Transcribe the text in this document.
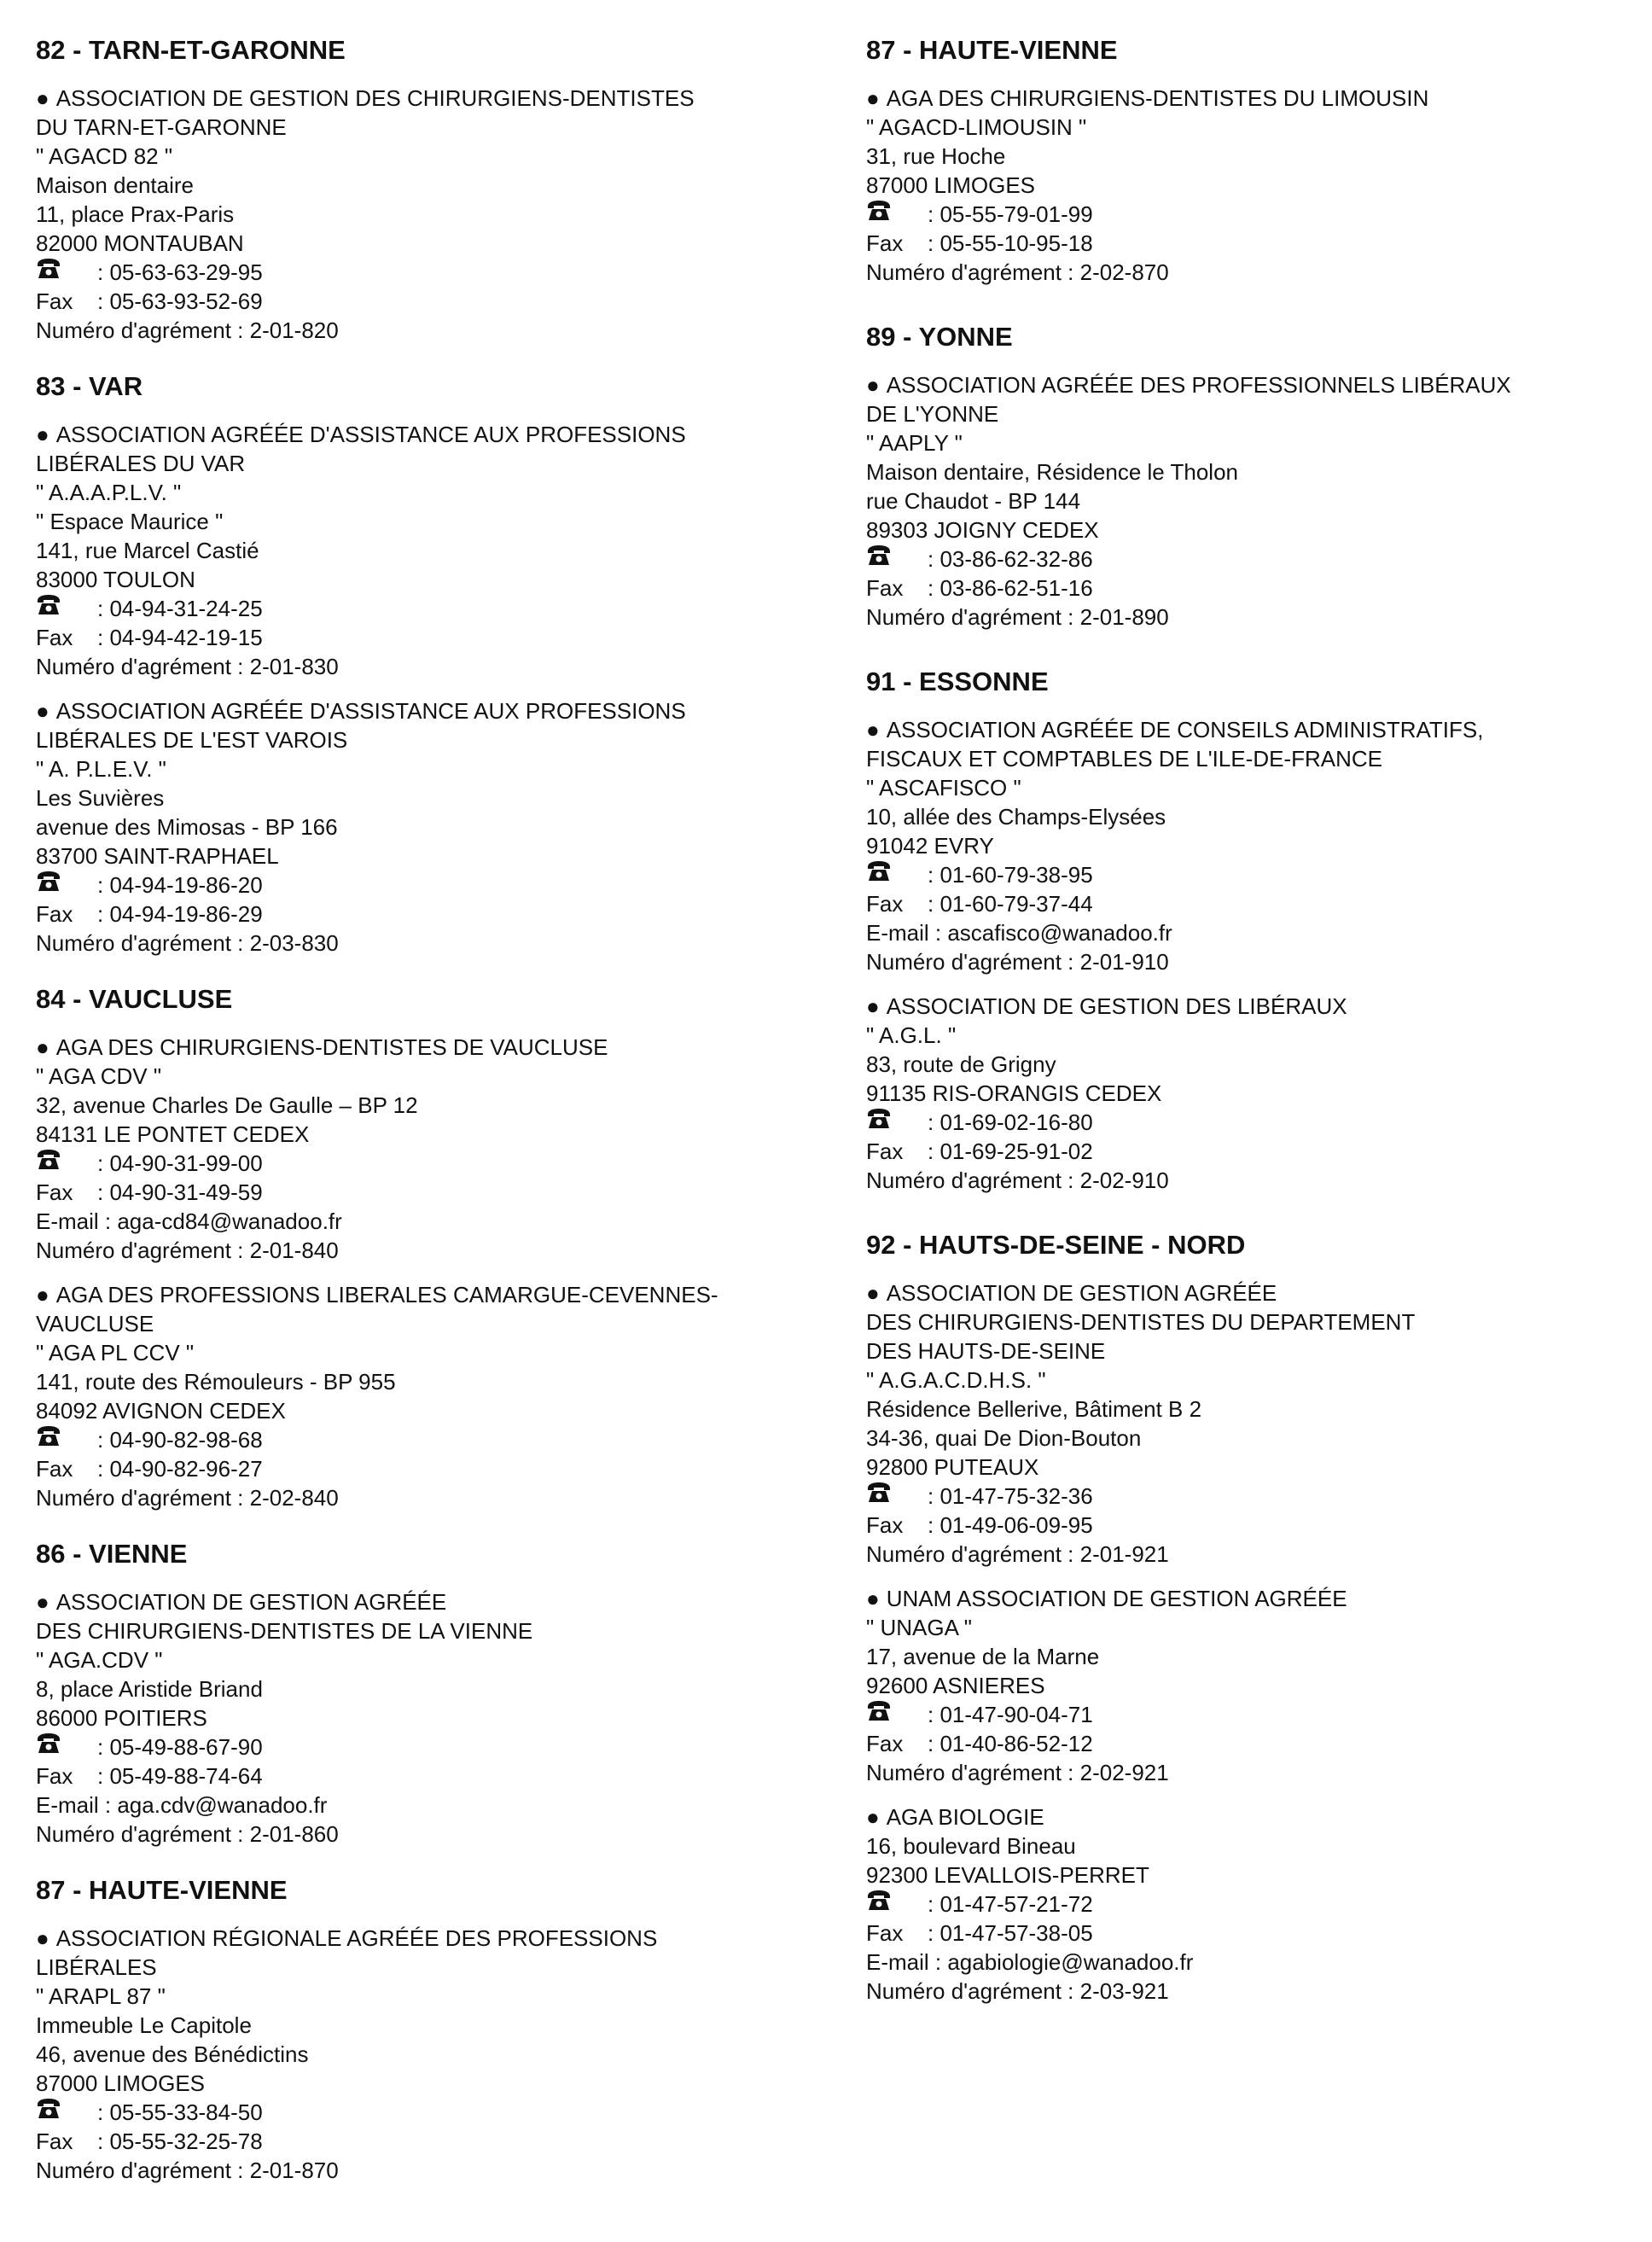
82 - TARN-ET-GARONNE
● ASSOCIATION DE GESTION DES CHIRURGIENS-DENTISTES
DU TARN-ET-GARONNE
" AGACD 82 "
Maison dentaire
11, place Prax-Paris
82000 MONTAUBAN
: 05-63-63-29-95
Fax : 05-63-93-52-69
Numéro d'agrément : 2-01-820
83 - VAR
● ASSOCIATION AGRÉÉE D'ASSISTANCE AUX PROFESSIONS
LIBÉRALES DU VAR
" A.A.A.P.L.V. "
" Espace Maurice "
141, rue Marcel Castié
83000 TOULON
: 04-94-31-24-25
Fax : 04-94-42-19-15
Numéro d'agrément : 2-01-830
● ASSOCIATION AGRÉÉE D'ASSISTANCE AUX PROFESSIONS
LIBÉRALES DE L'EST VAROIS
" A. P.L.E.V. "
Les Suvières
avenue des Mimosas - BP 166
83700 SAINT-RAPHAEL
: 04-94-19-86-20
Fax : 04-94-19-86-29
Numéro d'agrément : 2-03-830
84 - VAUCLUSE
● AGA DES CHIRURGIENS-DENTISTES DE VAUCLUSE
" AGA CDV "
32, avenue Charles De Gaulle – BP 12
84131 LE PONTET CEDEX
: 04-90-31-99-00
Fax : 04-90-31-49-59
E-mail : aga-cd84@wanadoo.fr
Numéro d'agrément : 2-01-840
● AGA DES PROFESSIONS LIBERALES CAMARGUE-CEVENNES-
VAUCLUSE
" AGA PL CCV "
141, route des Rémouleurs - BP 955
84092 AVIGNON CEDEX
: 04-90-82-98-68
Fax : 04-90-82-96-27
Numéro d'agrément : 2-02-840
86 - VIENNE
● ASSOCIATION DE GESTION AGRÉÉE
DES CHIRURGIENS-DENTISTES DE LA VIENNE
" AGA.CDV "
8, place Aristide Briand
86000 POITIERS
: 05-49-88-67-90
Fax : 05-49-88-74-64
E-mail : aga.cdv@wanadoo.fr
Numéro d'agrément : 2-01-860
87 - HAUTE-VIENNE
● ASSOCIATION RÉGIONALE AGRÉÉE DES PROFESSIONS
LIBÉRALES
" ARAPL 87 "
Immeuble Le Capitole
46, avenue des Bénédictins
87000 LIMOGES
: 05-55-33-84-50
Fax : 05-55-32-25-78
Numéro d'agrément : 2-01-870
87 - HAUTE-VIENNE
● AGA DES CHIRURGIENS-DENTISTES DU LIMOUSIN
" AGACD-LIMOUSIN "
31, rue Hoche
87000 LIMOGES
: 05-55-79-01-99
Fax : 05-55-10-95-18
Numéro d'agrément : 2-02-870
89 - YONNE
● ASSOCIATION AGRÉÉE DES PROFESSIONNELS LIBÉRAUX
DE L'YONNE
" AAPLY "
Maison dentaire, Résidence le Tholon
rue Chaudot - BP 144
89303 JOIGNY CEDEX
: 03-86-62-32-86
Fax : 03-86-62-51-16
Numéro d'agrément : 2-01-890
91 - ESSONNE
● ASSOCIATION AGRÉÉE DE CONSEILS ADMINISTRATIFS,
FISCAUX ET COMPTABLES DE L'ILE-DE-FRANCE
" ASCAFISCO "
10, allée des Champs-Elysées
91042 EVRY
: 01-60-79-38-95
Fax : 01-60-79-37-44
E-mail : ascafisco@wanadoo.fr
Numéro d'agrément : 2-01-910
● ASSOCIATION DE GESTION DES LIBÉRAUX
" A.G.L. "
83, route de Grigny
91135 RIS-ORANGIS CEDEX
: 01-69-02-16-80
Fax : 01-69-25-91-02
Numéro d'agrément : 2-02-910
92 - HAUTS-DE-SEINE - NORD
● ASSOCIATION DE GESTION AGRÉÉE
DES CHIRURGIENS-DENTISTES DU DEPARTEMENT
DES HAUTS-DE-SEINE
" A.G.A.C.D.H.S. "
Résidence Bellerive, Bâtiment B 2
34-36, quai De Dion-Bouton
92800 PUTEAUX
: 01-47-75-32-36
Fax : 01-49-06-09-95
Numéro d'agrément : 2-01-921
● UNAM ASSOCIATION DE GESTION AGRÉÉE
" UNAGA "
17, avenue de la Marne
92600 ASNIERES
: 01-47-90-04-71
Fax : 01-40-86-52-12
Numéro d'agrément : 2-02-921
● AGA BIOLOGIE
16, boulevard Bineau
92300 LEVALLOIS-PERRET
: 01-47-57-21-72
Fax : 01-47-57-38-05
E-mail : agabiologie@wanadoo.fr
Numéro d'agrément : 2-03-921
